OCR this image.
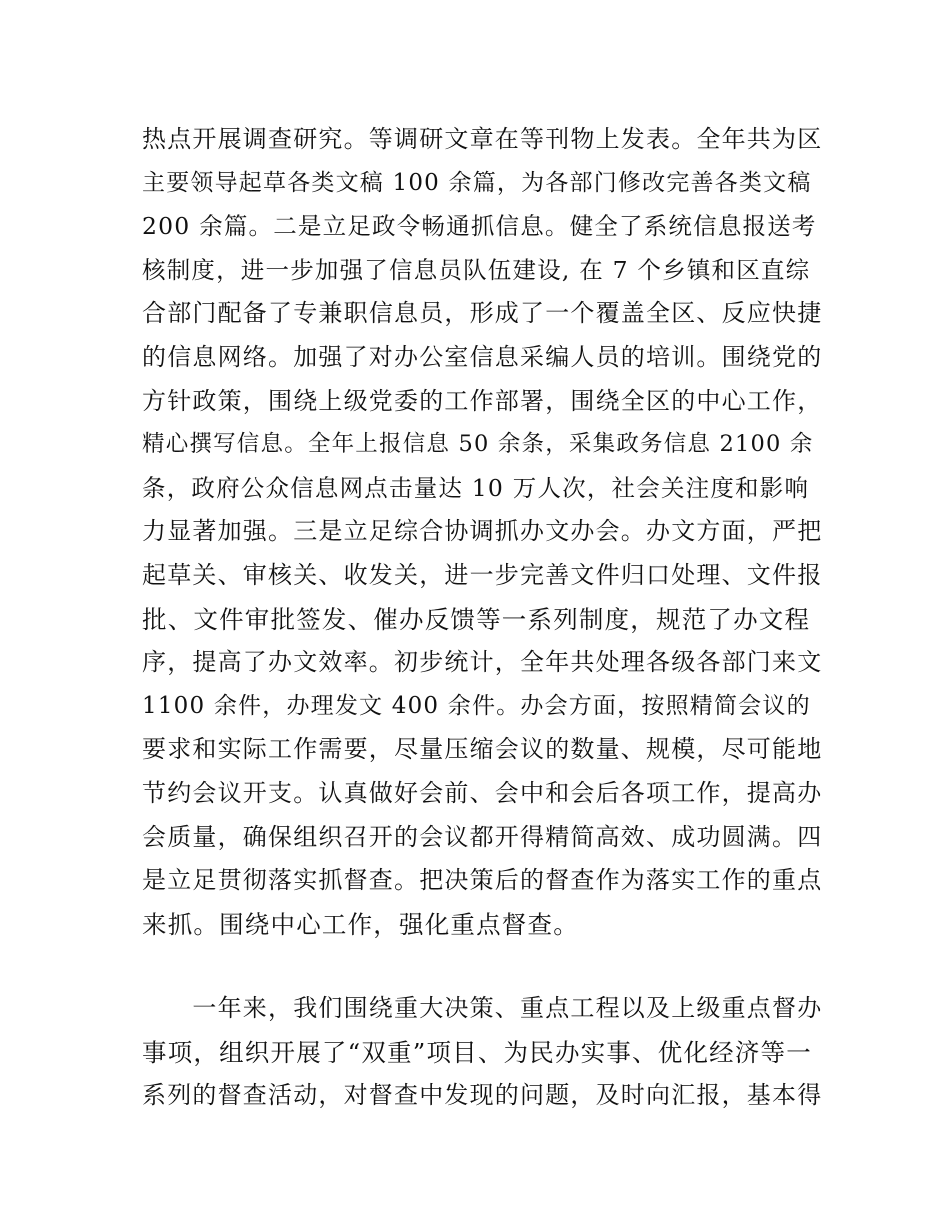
热点开展调查研究。等调研文章在等刊物上发表。全年共为区
主要领导起草各类文稿 100 余篇，为各部门修改完善各类文稿
200 余篇。二是立足政令畅通抓信息。健全了系统信息报送考
核制度，进一步加强了信息员队伍建设, 在 7 个乡镇和区直综
合部门配备了专兼职信息员，形成了一个覆盖全区、反应快捷
的信息网络。加强了对办公室信息采编人员的培训。围绕党的
方针政策，围绕上级党委的工作部署，围绕全区的中心工作，
精心撰写信息。全年上报信息 50 余条，采集政务信息 2100 余
条，政府公众信息网点击量达 10 万人次，社会关注度和影响
力显著加强。三是立足综合协调抓办文办会。办文方面，严把
起草关、审核关、收发关，进一步完善文件归口处理、文件报
批、文件审批签发、催办反馈等一系列制度，规范了办文程
序，提高了办文效率。初步统计，全年共处理各级各部门来文
1100 余件，办理发文 400 余件。办会方面，按照精简会议的
要求和实际工作需要，尽量压缩会议的数量、规模，尽可能地
节约会议开支。认真做好会前、会中和会后各项工作，提高办
会质量，确保组织召开的会议都开得精简高效、成功圆满。四
是立足贯彻落实抓督查。把决策后的督查作为落实工作的重点
来抓。围绕中心工作，强化重点督查。
　　一年来，我们围绕重大决策、重点工程以及上级重点督办
事项，组织开展了“双重”项目、为民办实事、优化经济等一
系列的督查活动，对督查中发现的问题，及时向汇报，基本得
